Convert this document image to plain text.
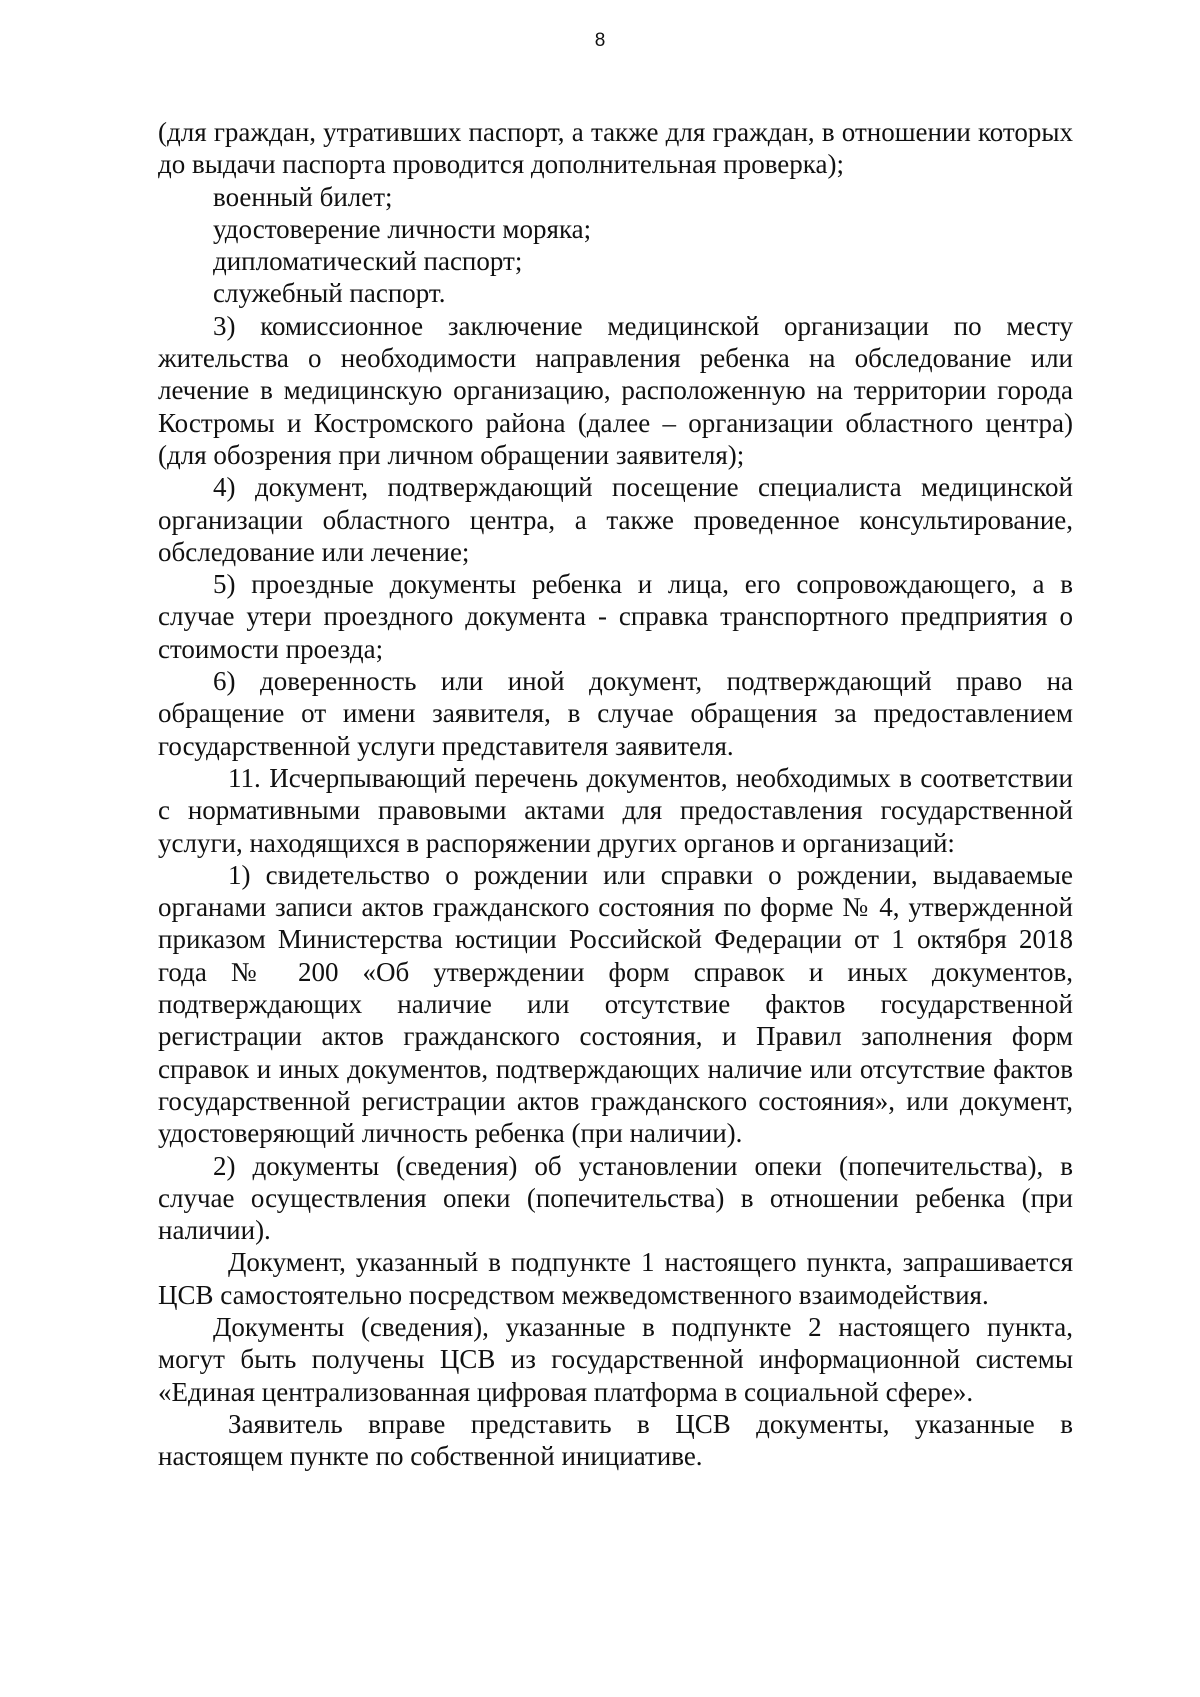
8

(для граждан, утративших паспорт, а также для граждан, в отношении которых до выдачи паспорта проводится дополнительная проверка);

военный билет;

удостоверение личности моряка;

дипломатический паспорт;

служебный паспорт.

3) комиссионное заключение медицинской организации по месту жительства о необходимости направления ребенка на обследование или лечение в медицинскую организацию, расположенную на территории города Костромы и Костромского района (далее – организации областного центра) (для обозрения при личном обращении заявителя);

4) документ, подтверждающий посещение специалиста медицинской организации областного центра, а также проведенное консультирование, обследование или лечение;

5) проездные документы ребенка и лица, его сопровождающего, а в случае утери проездного документа - справка транспортного предприятия о стоимости проезда;

6) доверенность или иной документ, подтверждающий право на обращение от имени заявителя, в случае обращения за предоставлением государственной услуги представителя заявителя.

11. Исчерпывающий перечень документов, необходимых в соответствии с нормативными правовыми актами для предоставления государственной услуги, находящихся в распоряжении других органов и организаций:

1) свидетельство о рождении или справки о рождении, выдаваемые органами записи актов гражданского состояния по форме № 4, утвержденной приказом Министерства юстиции Российской Федерации от 1 октября 2018 года № 200 «Об утверждении форм справок и иных документов, подтверждающих наличие или отсутствие фактов государственной регистрации актов гражданского состояния, и Правил заполнения форм справок и иных документов, подтверждающих наличие или отсутствие фактов государственной регистрации актов гражданского состояния», или документ, удостоверяющий личность ребенка (при наличии).

2) документы (сведения) об установлении опеки (попечительства), в случае осуществления опеки (попечительства) в отношении ребенка (при наличии).

Документ, указанный в подпункте 1 настоящего пункта, запрашивается ЦСВ самостоятельно посредством межведомственного взаимодействия.

Документы (сведения), указанные в подпункте 2 настоящего пункта, могут быть получены ЦСВ из государственной информационной системы «Единая централизованная цифровая платформа в социальной сфере».

Заявитель вправе представить в ЦСВ документы, указанные в настоящем пункте по собственной инициативе.
